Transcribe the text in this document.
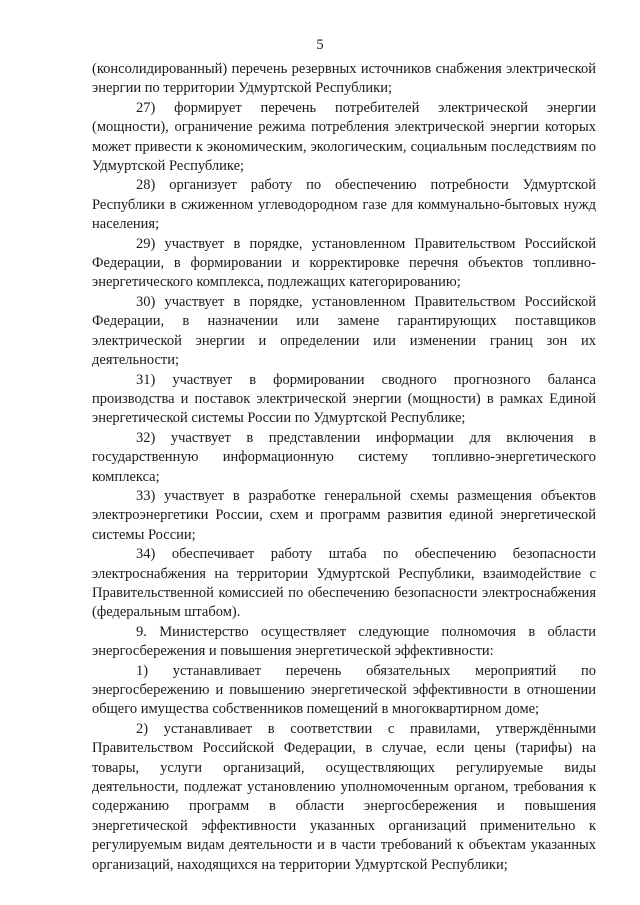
5

(консолидированный) перечень резервных источников снабжения электрической энергии по территории Удмуртской Республики;

27) формирует перечень потребителей электрической энергии (мощности), ограничение режима потребления электрической энергии которых может привести к экономическим, экологическим, социальным последствиям по Удмуртской Республике;

28) организует работу по обеспечению потребности Удмуртской Республики в сжиженном углеводородном газе для коммунально-бытовых нужд населения;

29) участвует в порядке, установленном Правительством Российской Федерации, в формировании и корректировке перечня объектов топливно-энергетического комплекса, подлежащих категорированию;

30) участвует в порядке, установленном Правительством Российской Федерации, в назначении или замене гарантирующих поставщиков электрической энергии и определении или изменении границ зон их деятельности;

31) участвует в формировании сводного прогнозного баланса производства и поставок электрической энергии (мощности) в рамках Единой энергетической системы России по Удмуртской Республике;

32) участвует в представлении информации для включения в государственную информационную систему топливно-энергетического комплекса;

33) участвует в разработке генеральной схемы размещения объектов электроэнергетики России, схем и программ развития единой энергетической системы России;

34) обеспечивает работу штаба по обеспечению безопасности электроснабжения на территории Удмуртской Республики, взаимодействие с Правительственной комиссией по обеспечению безопасности электроснабжения (федеральным штабом).

9. Министерство осуществляет следующие полномочия в области энергосбережения и повышения энергетической эффективности:

1) устанавливает перечень обязательных мероприятий по энергосбережению и повышению энергетической эффективности в отношении общего имущества собственников помещений в многоквартирном доме;

2) устанавливает в соответствии с правилами, утверждёнными Правительством Российской Федерации, в случае, если цены (тарифы) на товары, услуги организаций, осуществляющих регулируемые виды деятельности, подлежат установлению уполномоченным органом, требования к содержанию программ в области энергосбережения и повышения энергетической эффективности указанных организаций применительно к регулируемым видам деятельности и в части требований к объектам указанных организаций, находящихся на территории Удмуртской Республики;
